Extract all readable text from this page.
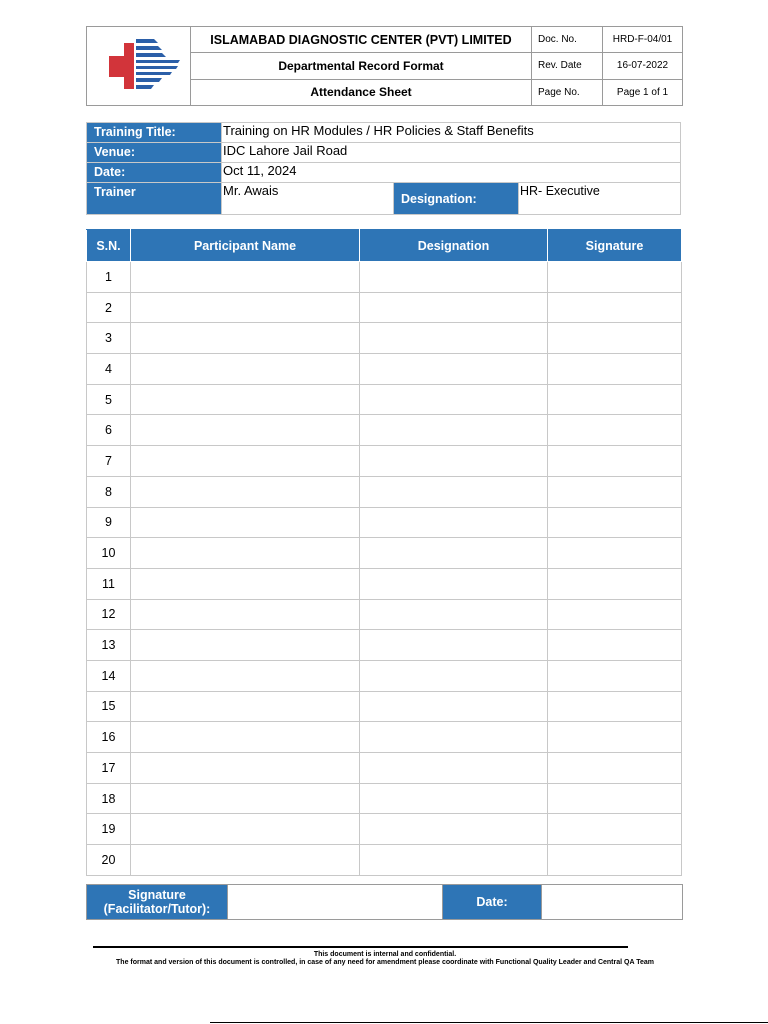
	ISLAMABAD DIAGNOSTIC CENTER (PVT) LIMITED	Doc. No.	HRD-F-04/01
	Departmental Record Format	Rev. Date	16-07-2022
	Attendance Sheet	Page No.	Page 1 of 1
Training Title:	Training on HR Modules / HR Policies & Staff Benefits		
Venue:	IDC Lahore Jail Road		
Date:	Oct 11, 2024		
Trainer	Mr. Awais	Designation:	HR- Executive
S.N.	Participant Name	Designation	Signature
1			
2			
3			
4			
5			
6			
7			
8			
9			
10			
11			
12			
13			
14			
15			
16			
17			
18			
19			
20			
Signature
(Facilitator/Tutor):		Date:	
This document is internal and confidential.
The format and version of this document is controlled, in case of any need for amendment please coordinate with Functional Quality Leader and Central QA Team
